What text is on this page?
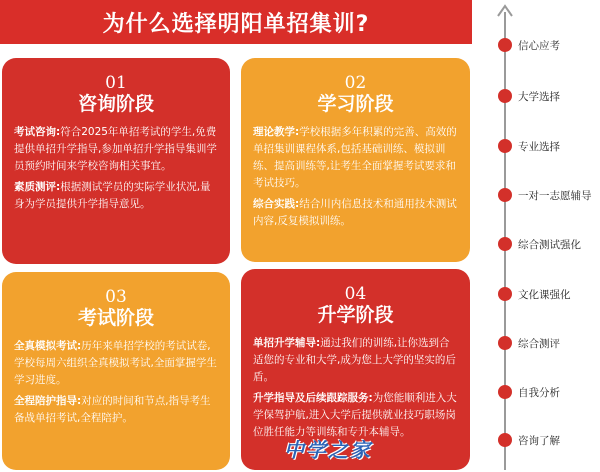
为什么选择明阳单招集训?
01
咨询阶段

考试咨询:符合2025年单招考试的学生,免费提供单招升学指导,参加单招升学指导集训学员预约时间来学校咨询相关事宜。

素质测评:根据测试学员的实际学业状况,量身为学员提供升学指导意见。

02
学习阶段

理论教学:学校根据多年积累的完善、高效的单招集训课程体系,包括基础训练、模拟训练、提高训练等,让考生全面掌握考试要求和考试技巧。

综合实践:结合川内信息技术和通用技术测试内容,反复模拟训练。

03
考试阶段

全真模拟考试:历年来单招学校的考试试卷,学校每周六组织全真模拟考试,全面掌握学生学习进度。

全程陪护指导:对应的时间和节点,指导考生备战单招考试,全程陪护。

04
升学阶段

单招升学辅导:通过我们的训练,让你选到合适您的专业和大学,成为您上大学的坚实的后盾。

升学指导及后续跟踪服务:为您能顺利进入大学保驾护航,进入大学后提供就业技巧职场岗位胜任能力等训练和专升本辅导。

中学之家
信心应考
大学选择
专业选择
一对一志愿辅导
综合测试强化
文化课强化
综合测评
自我分析
咨询了解
